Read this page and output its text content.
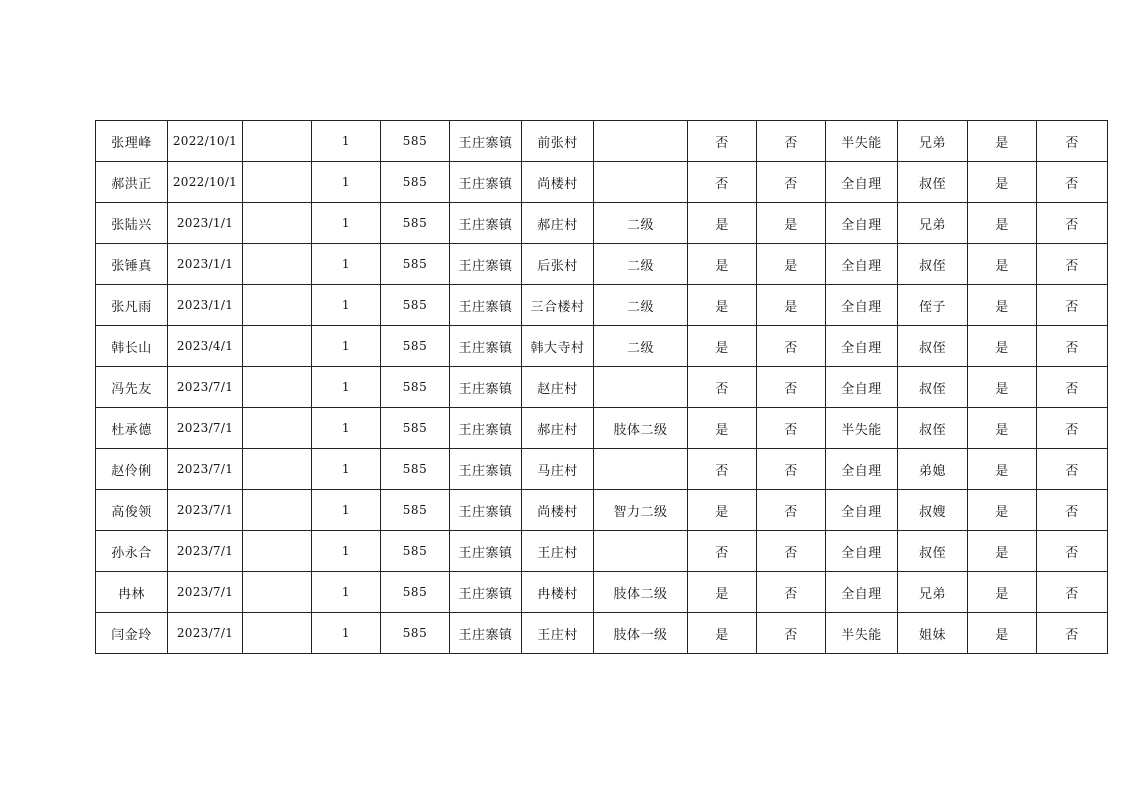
张理峰	2022/10/1		1	585	王庄寨镇	前张村		否	否	半失能	兄弟	是	否
郝洪正	2022/10/1		1	585	王庄寨镇	尚楼村		否	否	全自理	叔侄	是	否
张陆兴	2023/1/1		1	585	王庄寨镇	郝庄村	二级	是	是	全自理	兄弟	是	否
张锤真	2023/1/1		1	585	王庄寨镇	后张村	二级	是	是	全自理	叔侄	是	否
张凡雨	2023/1/1		1	585	王庄寨镇	三合楼村	二级	是	是	全自理	侄子	是	否
韩长山	2023/4/1		1	585	王庄寨镇	韩大寺村	二级	是	否	全自理	叔侄	是	否
冯先友	2023/7/1		1	585	王庄寨镇	赵庄村		否	否	全自理	叔侄	是	否
杜承德	2023/7/1		1	585	王庄寨镇	郝庄村	肢体二级	是	否	半失能	叔侄	是	否
赵伶俐	2023/7/1		1	585	王庄寨镇	马庄村		否	否	全自理	弟媳	是	否
高俊领	2023/7/1		1	585	王庄寨镇	尚楼村	智力二级	是	否	全自理	叔嫂	是	否
孙永合	2023/7/1		1	585	王庄寨镇	王庄村		否	否	全自理	叔侄	是	否
冉林	2023/7/1		1	585	王庄寨镇	冉楼村	肢体二级	是	否	全自理	兄弟	是	否
闫金玲	2023/7/1		1	585	王庄寨镇	王庄村	肢体一级	是	否	半失能	姐妹	是	否
